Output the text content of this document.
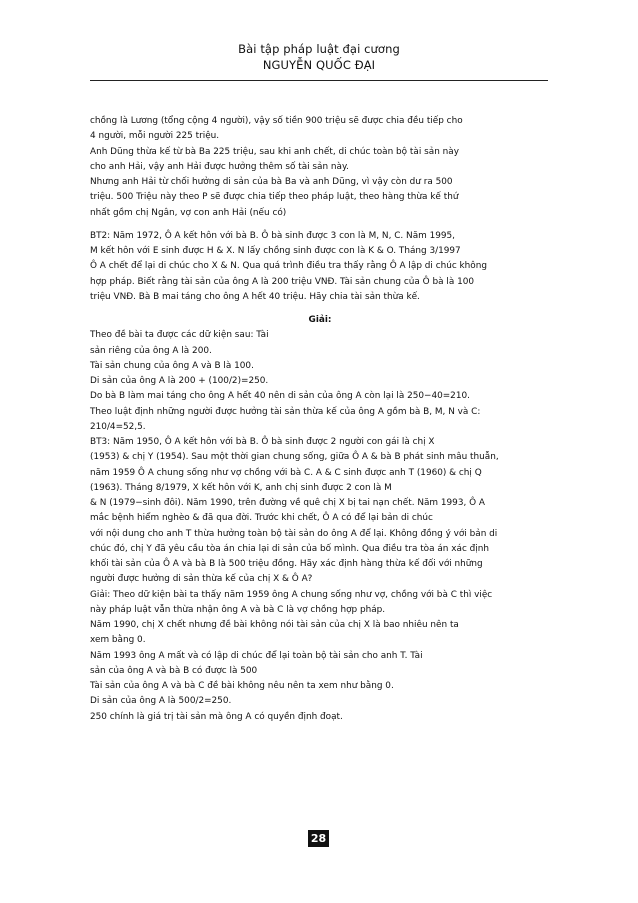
Bài tập pháp luật đại cương
NGUYỄN QUỐC ĐẠI
chồng là Lương (tổng cộng 4 người), vậy số tiền 900 triệu sẽ được chia đều tiếp cho
4 người, mỗi người 225 triệu.
Anh Dũng thừa kế từ bà Ba 225 triệu, sau khi anh chết, di chúc toàn bộ tài sản này
cho anh Hải, vậy anh Hải được hưởng thêm số tài sản này.
Nhưng anh Hải từ chối hưởng di sản của bà Ba và anh Dũng, vì vậy còn dư ra 500
triệu. 500 Triệu này theo P sẽ được chia tiếp theo pháp luật, theo hàng thừa kế thứ
nhất gồm chị Ngân, vợ con anh Hải (nếu có)
BT2: Năm 1972, Ô A kết hôn với bà B. Ô bà sinh được 3 con là M, N, C. Năm 1995,
M kết hôn với E sinh được H & X. N lấy chồng sinh được con là K & O. Tháng 3/1997
Ô A chết để lại di chúc cho X & N. Qua quá trình điều tra thấy rằng Ô A lập di chúc không
hợp pháp. Biết rằng tài sản của ông A là 200 triệu VNĐ. Tài sản chung của Ô bà là 100
triệu VNĐ. Bà B mai táng cho ông A hết 40 triệu. Hãy chia tài sản thừa kế.
Giải:
Theo đề bài ta được các dữ kiện sau: Tài
sản riêng của ông A là 200.
Tài sản chung của ông A và B là 100.
Di sản của ông A là 200 + (100/2)=250.
Do bà B làm mai táng cho ông A hết 40 nên di sản của ông A còn lại là 250−40=210.
Theo luật định những người được hưởng tài sản thừa kế của ông A gồm bà B, M, N và C:
210/4=52,5.
BT3: Năm 1950, Ô A kết hôn với bà B. Ô bà sinh được 2 người con gái là chị X
(1953) & chị Y (1954). Sau một thời gian chung sống, giữa Ô A & bà B phát sinh mâu thuẫn,
năm 1959 Ô A chung sống như vợ chồng với bà C. A & C sinh được anh T (1960) & chị Q
(1963). Tháng 8/1979, X kết hôn với K, anh chị sinh được 2 con là M
& N (1979−sinh đôi). Năm 1990, trên đường về quê chị X bị tai nạn chết. Năm 1993, Ô A
mắc bệnh hiểm nghèo & đã qua đời. Trước khi chết, Ô A có để lại bản di chúc
với nội dung cho anh T thừa hưởng toàn bộ tài sản do ông A để lại. Không đồng ý với bản di
chúc đó, chị Y đã yêu cầu tòa án chia lại di sản của bố mình. Qua điều tra tòa án xác định
khối tài sản của Ô A và bà B là 500 triệu đồng. Hãy xác định hàng thừa kế đối với những
người được hưởng di sản thừa kế của chị X & Ô A?
Giải: Theo dữ kiện bài ta thấy năm 1959 ông A chung sống như vợ, chồng với bà C thì việc
này pháp luật vẫn thừa nhận ông A và bà C là vợ chồng hợp pháp.
Năm 1990, chị X chết nhưng đề bài không nói tài sản của chị X là bao nhiêu nên ta
xem bằng 0.
Năm 1993 ông A mất và có lập di chúc để lại toàn bộ tài sản cho anh T. Tài
sản của ông A và bà B có được là 500
Tài sản của ông A và bà C đề bài không nêu nên ta xem như bằng 0.
Di sản của ông A là 500/2=250.
250 chính là giá trị tài sản mà ông A có quyền định đoạt.
28
